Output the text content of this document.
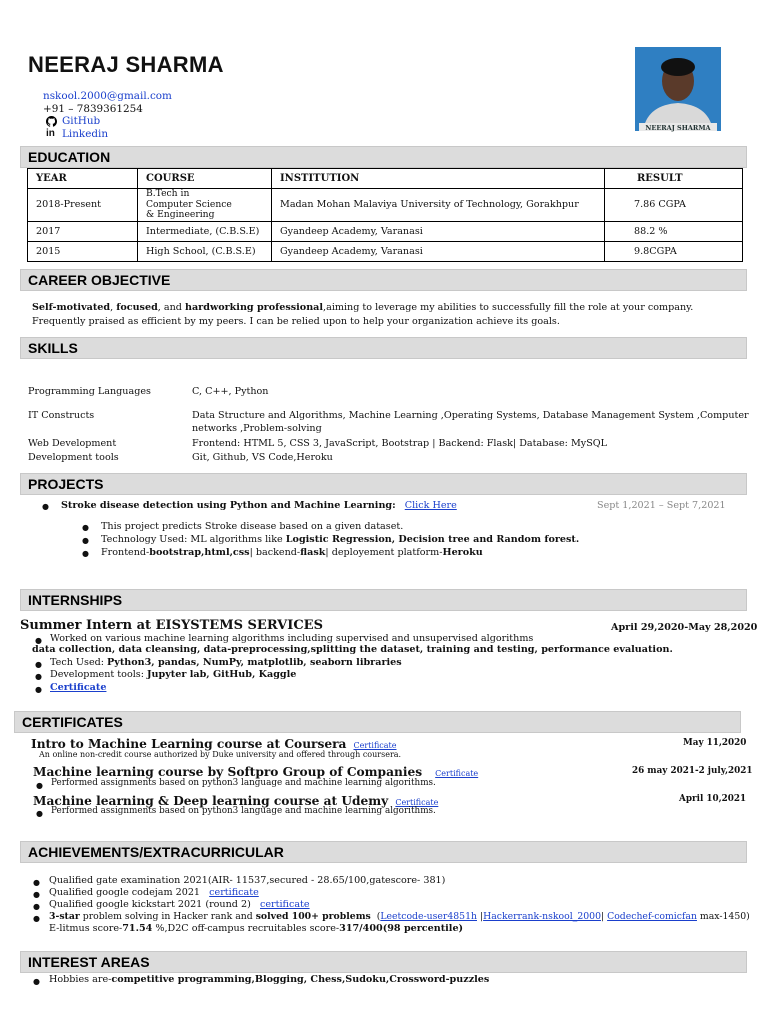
NEERAJ SHARMA
NEERAJ SHARMA
nskool.2000@gmail.com
+91 – 7839361254
GitHub
in Linkedin
EDUCATION
YEAR	COURSE	INSTITUTION	RESULT
2018-Present	B.Tech in
Computer Science
& Engineering	Madan Mohan Malaviya University of Technology, Gorakhpur	7.86 CGPA
2017	Intermediate, (C.B.S.E)	Gyandeep Academy, Varanasi	88.2 %
2015	High School, (C.B.S.E)	Gyandeep Academy, Varanasi	9.8CGPA
CAREER OBJECTIVE
Self-motivated, focused, and hardworking professional,aiming to leverage my abilities to successfully fill the role at your company.
Frequently praised as efficient by my peers. I can be relied upon to help your organization achieve its goals.
SKILLS
Programming Languages	C, C++, Python
IT Constructs	Data Structure and Algorithms, Machine Learning ,Operating Systems, Database Management System ,Computer
networks ,Problem-solving
Web Development	Frontend: HTML 5, CSS 3, JavaScript, Bootstrap | Backend: Flask| Database: MySQL
Development tools	Git, Github, VS Code,Heroku
PROJECTS
● Stroke disease detection using Python and Machine Learning: Click Here	Sept 1,2021 – Sept 7,2021
● This project predicts Stroke disease based on a given dataset.
● Technology Used: ML algorithms like Logistic Regression, Decision tree and Random forest.
● Frontend-bootstrap,html,css| backend-flask| deployement platform-Heroku
INTERNSHIPS
Summer Intern at EISYSTEMS SERVICES	April 29,2020-May 28,2020
● Worked on various machine learning algorithms including supervised and unsupervised algorithms
data collection, data cleansing, data-preprocessing,splitting the dataset, training and testing, performance evaluation.
● Tech Used: Python3, pandas, NumPy, matplotlib, seaborn libraries
● Development tools: Jupyter lab, GitHub, Kaggle
● Certificate
CERTIFICATES
Intro to Machine Learning course at Coursera Certificate	May 11,2020
An online non-credit course authorized by Duke university and offered through coursera.
Machine learning course by Softpro Group of Companies Certificate	26 may 2021-2 july,2021
● Performed assignments based on python3 language and machine learning algorithms.
Machine learning & Deep learning course at Udemy Certificate	April 10,2021
● Performed assignments based on python3 language and machine learning algorithms.
ACHIEVEMENTS/EXTRACURRICULAR
● Qualified gate examination 2021(AIR- 11537,secured - 28.65/100,gatescore- 381)
● Qualified google codejam 2021   certificate
● Qualified google kickstart 2021 (round 2)   certificate
● 3-star problem solving in Hacker rank and solved 100+ problems  (Leetcode-user4851h |Hackerrank-nskool_2000| Codechef-comicfan max-1450)
E-litmus score-71.54 %,D2C off-campus recruitables score-317/400(98 percentile)
INTEREST AREAS
● Hobbies are-competitive programming,Blogging, Chess,Sudoku,Crossword-puzzles
